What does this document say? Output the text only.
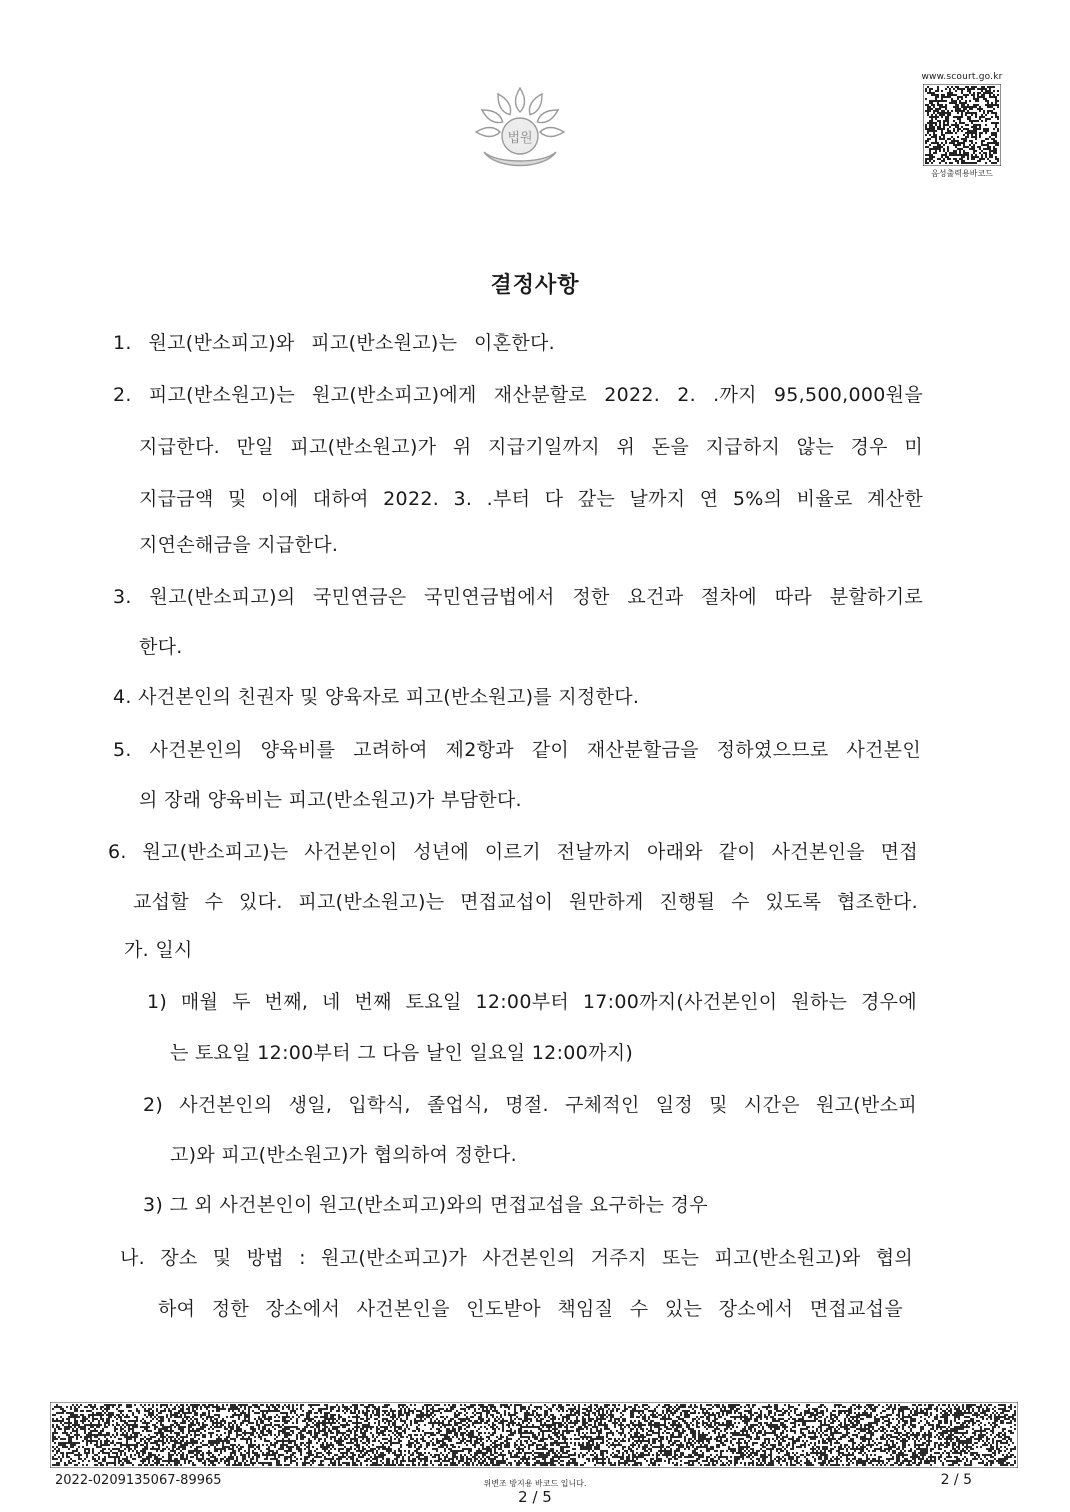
법원
www.scourt.go.kr
음성출력용바코드
결정사항
1. 원고(반소피고)와 피고(반소원고)는 이혼한다.
2. 피고(반소원고)는 원고(반소피고)에게 재산분할로 2022. 2. .까지 95,500,000원을
지급한다. 만일 피고(반소원고)가 위 지급기일까지 위 돈을 지급하지 않는 경우 미
지급금액 및 이에 대하여 2022. 3. .부터 다 갚는 날까지 연 5%의 비율로 계산한
지연손해금을 지급한다.
3. 원고(반소피고)의 국민연금은 국민연금법에서 정한 요건과 절차에 따라 분할하기로
한다.
4. 사건본인의 친권자 및 양육자로 피고(반소원고)를 지정한다.
5. 사건본인의 양육비를 고려하여 제2항과 같이 재산분할금을 정하였으므로 사건본인
의 장래 양육비는 피고(반소원고)가 부담한다.
6. 원고(반소피고)는 사건본인이 성년에 이르기 전날까지 아래와 같이 사건본인을 면접
교섭할 수 있다. 피고(반소원고)는 면접교섭이 원만하게 진행될 수 있도록 협조한다.
가. 일시
1) 매월 두 번째, 네 번째 토요일 12:00부터 17:00까지(사건본인이 원하는 경우에
는 토요일 12:00부터 그 다음 날인 일요일 12:00까지)
2) 사건본인의 생일, 입학식, 졸업식, 명절. 구체적인 일정 및 시간은 원고(반소피
고)와 피고(반소원고)가 협의하여 정한다.
3) 그 외 사건본인이 원고(반소피고)와의 면접교섭을 요구하는 경우
나. 장소 및 방법 : 원고(반소피고)가 사건본인의 거주지 또는 피고(반소원고)와 협의
하여 정한 장소에서 사건본인을 인도받아 책임질 수 있는 장소에서 면접교섭을
2022-0209135067-89965	위변조 방지용 바코드 입니다.
2 / 5
2 / 5
